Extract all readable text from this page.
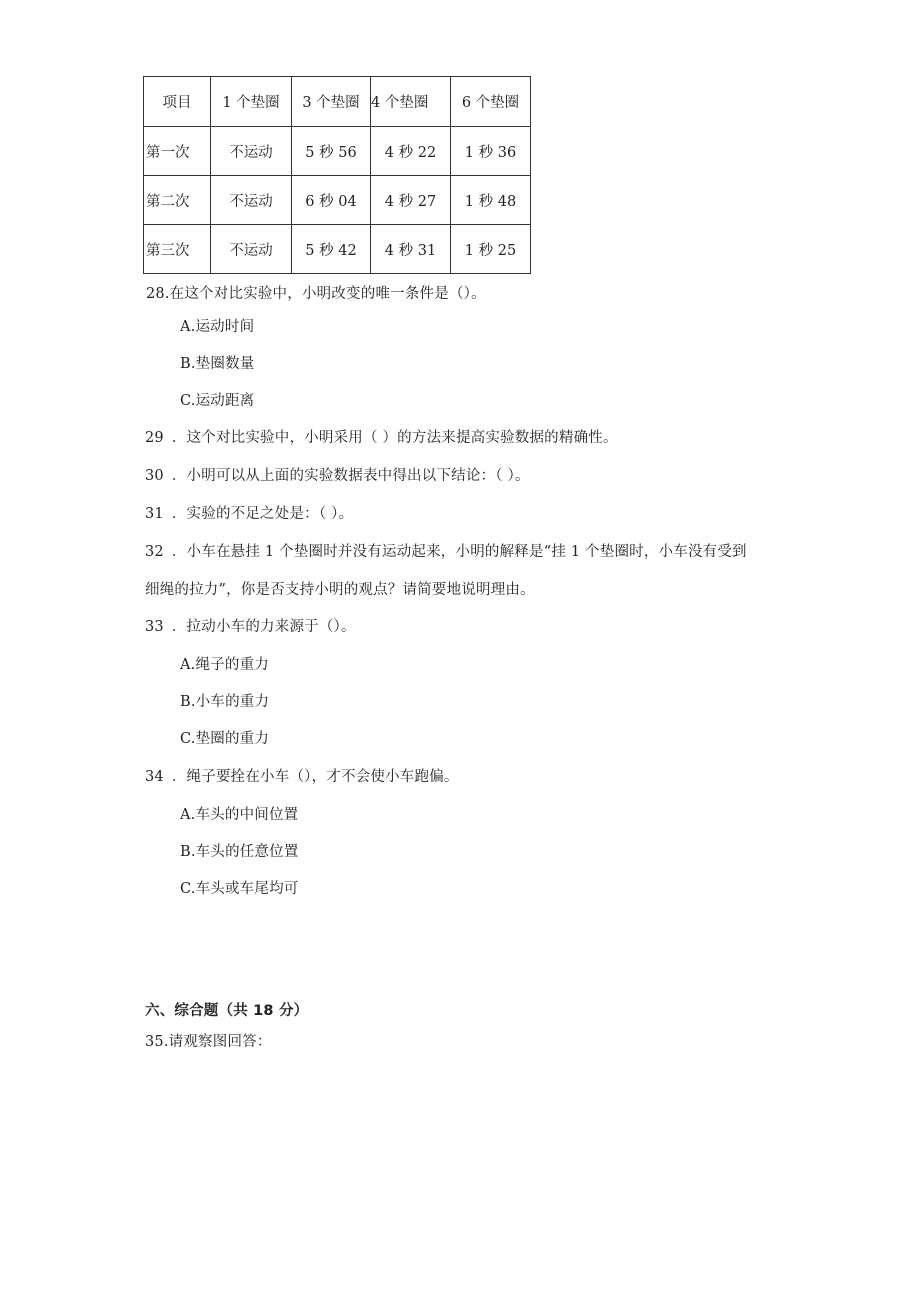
项目	1 个垫圈	3 个垫圈	4 个垫圈	6 个垫圈
第一次	不运动	5 秒 56	4 秒 22	1 秒 36
第二次	不运动	6 秒 04	4 秒 27	1 秒 48
第三次	不运动	5 秒 42	4 秒 31	1 秒 25
28.在这个对比实验中，小明改变的唯一条件是（）。
A.运动时间
B.垫圈数量
C.运动距离
29 ．这个对比实验中，小明采用（ ）的方法来提高实验数据的精确性。
30 ．小明可以从上面的实验数据表中得出以下结论：（ ）。
31 ．实验的不足之处是：（ ）。
32 ．小车在悬挂 1 个垫圈时并没有运动起来，小明的解释是“挂 1 个垫圈时，小车没有受到
细绳的拉力”，你是否支持小明的观点？请简要地说明理由。
33 ．拉动小车的力来源于（）。
A.绳子的重力
B.小车的重力
C.垫圈的重力
34 ．绳子要拴在小车（），才不会使小车跑偏。
A.车头的中间位置
B.车头的任意位置
C.车头或车尾均可
六、综合题（共 18 分）
35.请观察图回答：
